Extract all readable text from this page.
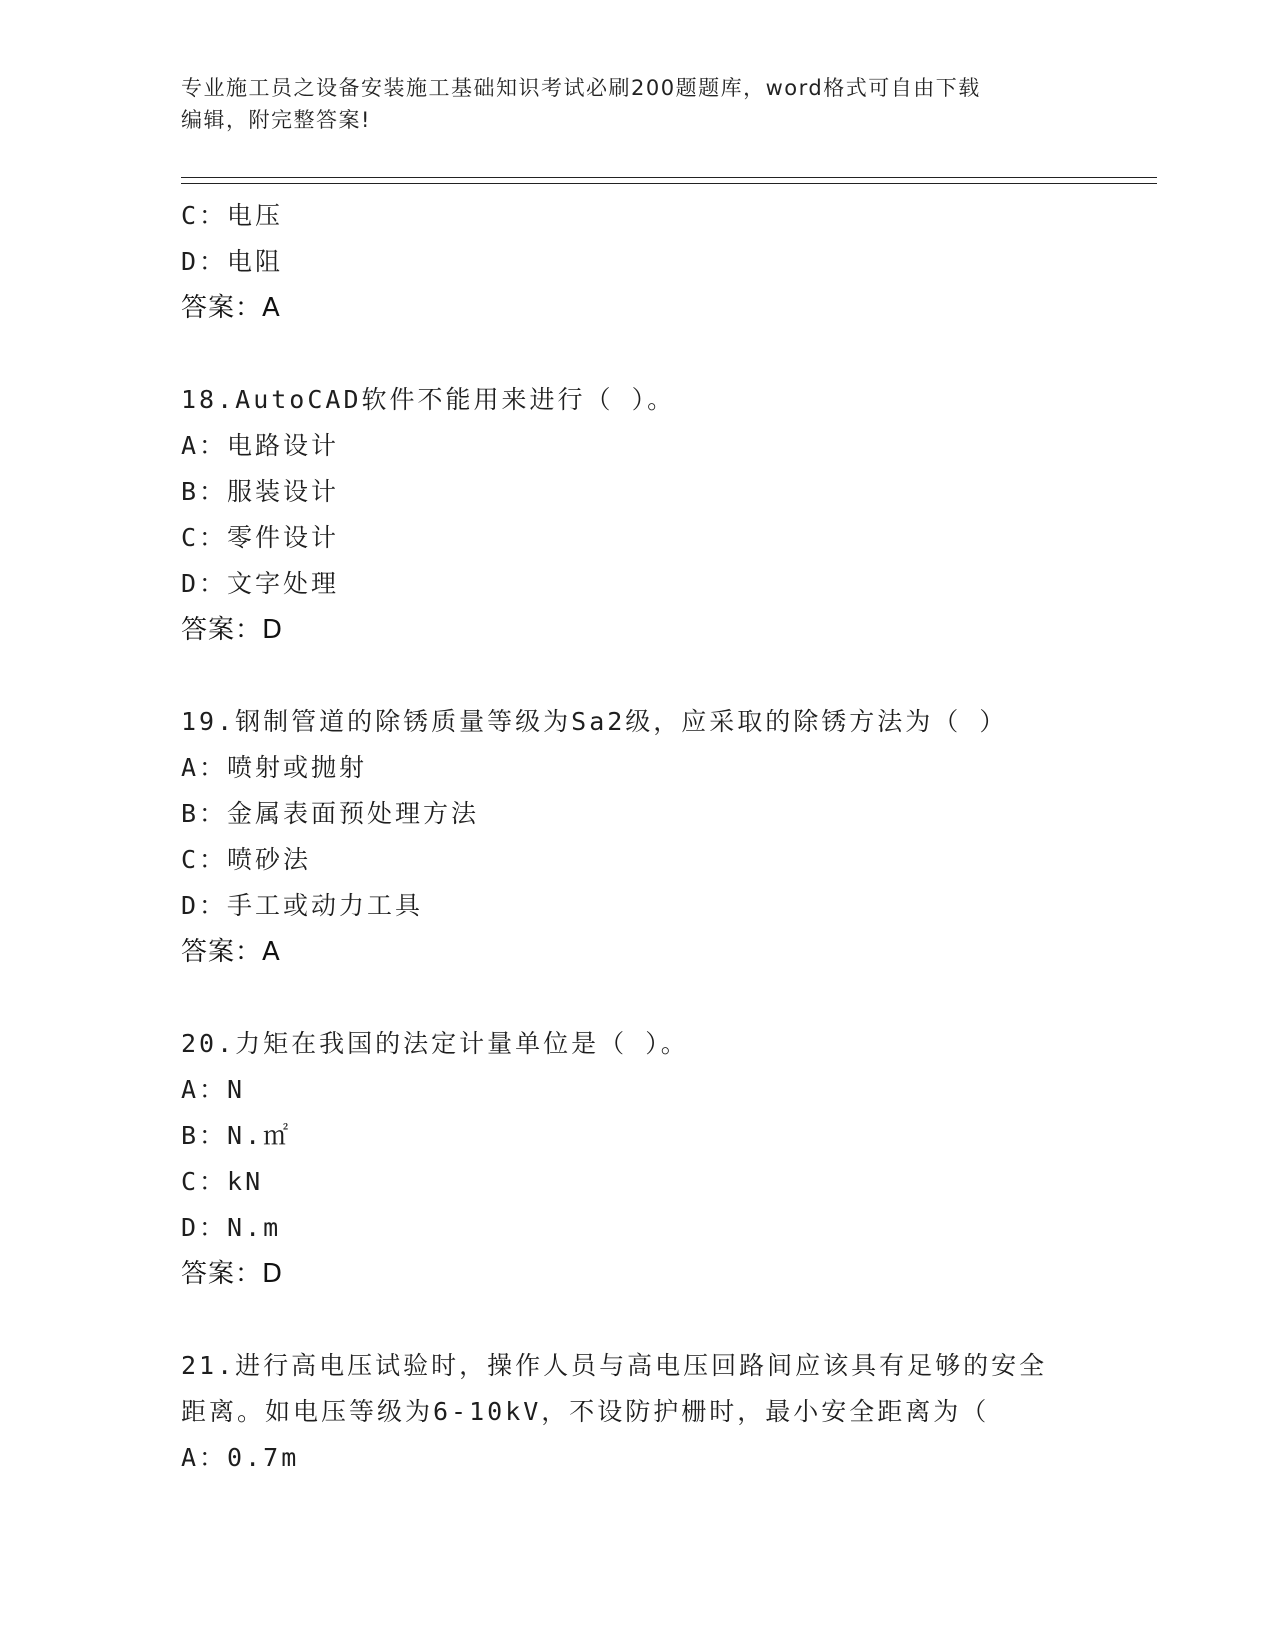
专业施工员之设备安装施工基础知识考试必刷200题题库，word格式可自由下载
编辑，附完整答案!
C：电压
D：电阻
答案：A
18.AutoCAD软件不能用来进行（ ）。
A：电路设计
B：服装设计
C：零件设计
D：文字处理
答案：D
19.钢制管道的除锈质量等级为Sa2级，应采取的除锈方法为（ ）
A：喷射或抛射
B：金属表面预处理方法
C：喷砂法
D：手工或动力工具
答案：A
20.力矩在我国的法定计量单位是（ ）。
A：N
B：N.㎡
C：kN
D：N.m
答案：D
21.进行高电压试验时，操作人员与高电压回路间应该具有足够的安全
距离。如电压等级为6-10kV，不设防护栅时，最小安全距离为（
A：0.7m
